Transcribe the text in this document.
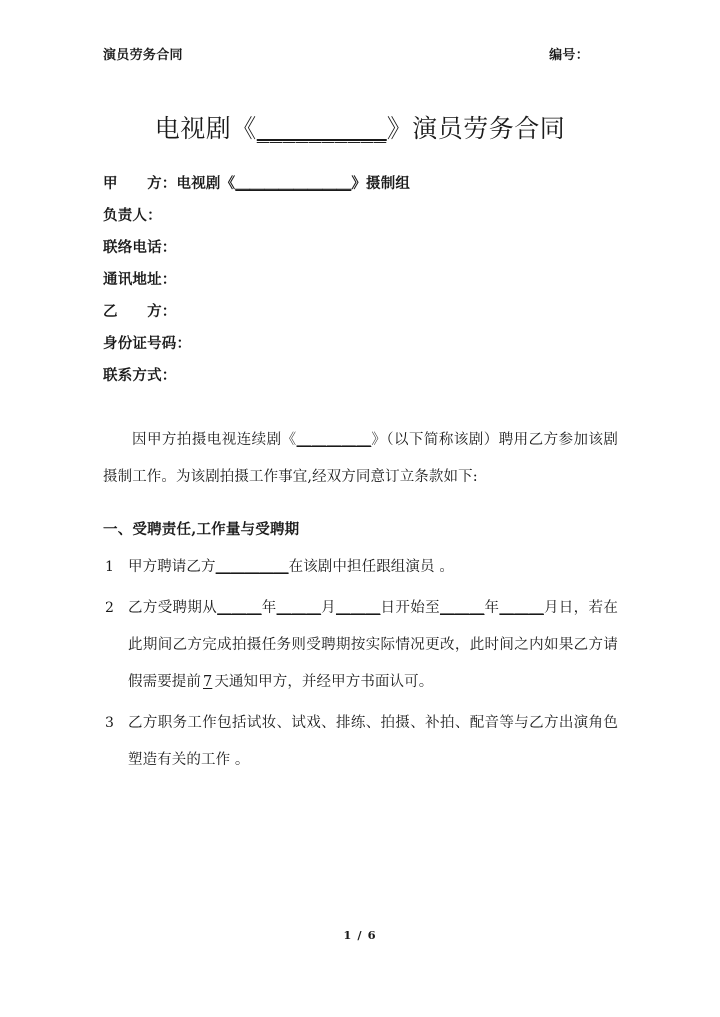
演员劳务合同	编号：
电视剧《__________》演员劳务合同
甲　　方：电视剧《＿＿＿＿＿＿＿＿》摄制组
负责人：
联络电话：
通讯地址：
乙　　方：
身份证号码：
联系方式：

因甲方拍摄电视连续剧《＿＿＿＿＿》（以下简称该剧）聘用乙方参加该剧摄制工作。为该剧拍摄工作事宜,经双方同意订立条款如下:

一、受聘责任,工作量与受聘期
1 甲方聘请乙方＿＿＿＿＿在该剧中担任跟组演员 。
2 乙方受聘期从＿＿＿年＿＿＿月＿＿＿日开始至＿＿＿年＿＿＿月日，若在此期间乙方完成拍摄任务则受聘期按实际情况更改，此时间之内如果乙方请假需要提前 7 天通知甲方，并经甲方书面认可。
3 乙方职务工作包括试妆、试戏、排练、拍摄、补拍、配音等与乙方出演角色塑造有关的工作 。
1 / 6
